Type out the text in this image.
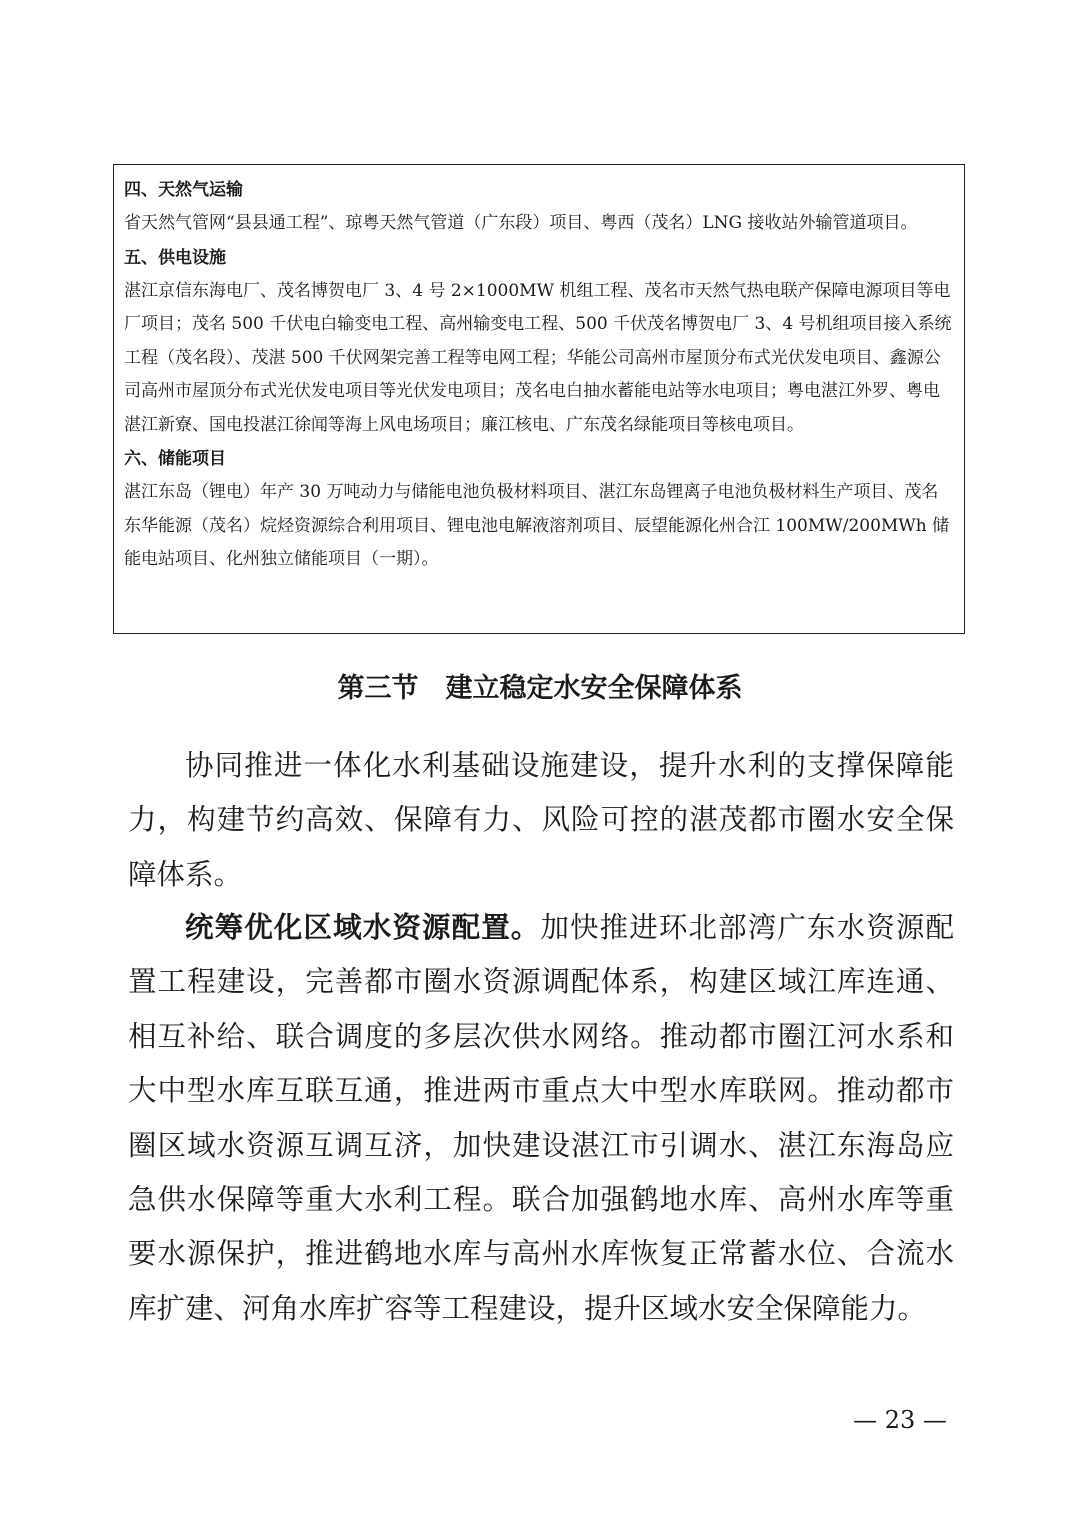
四、天然气运输

省天然气管网“县县通工程”、琼粤天然气管道（广东段）项目、粤西（茂名）LNG 接收站外输管道项目。

五、供电设施

湛江京信东海电厂、茂名博贺电厂 3、4 号 2×1000MW 机组工程、茂名市天然气热电联产保障电源项目等电厂项目；茂名 500 千伏电白输变电工程、高州输变电工程、500 千伏茂名博贺电厂 3、4 号机组项目接入系统工程（茂名段）、茂湛 500 千伏网架完善工程等电网工程；华能公司高州市屋顶分布式光伏发电项目、鑫源公司高州市屋顶分布式光伏发电项目等光伏发电项目；茂名电白抽水蓄能电站等水电项目；粤电湛江外罗、粤电湛江新寮、国电投湛江徐闻等海上风电场项目；廉江核电、广东茂名绿能项目等核电项目。

六、储能项目

湛江东岛（锂电）年产 30 万吨动力与储能电池负极材料项目、湛江东岛锂离子电池负极材料生产项目、茂名东华能源（茂名）烷烃资源综合利用项目、锂电池电解液溶剂项目、辰望能源化州合江 100MW/200MWh 储能电站项目、化州独立储能项目（一期）。

第三节　建立稳定水安全保障体系

协同推进一体化水利基础设施建设，提升水利的支撑保障能力，构建节约高效、保障有力、风险可控的湛茂都市圈水安全保障体系。

统筹优化区域水资源配置。加快推进环北部湾广东水资源配置工程建设，完善都市圈水资源调配体系，构建区域江库连通、相互补给、联合调度的多层次供水网络。推动都市圈江河水系和大中型水库互联互通，推进两市重点大中型水库联网。推动都市圈区域水资源互调互济，加快建设湛江市引调水、湛江东海岛应急供水保障等重大水利工程。联合加强鹤地水库、高州水库等重要水源保护，推进鹤地水库与高州水库恢复正常蓄水位、合流水库扩建、河角水库扩容等工程建设，提升区域水安全保障能力。

— 23 —
